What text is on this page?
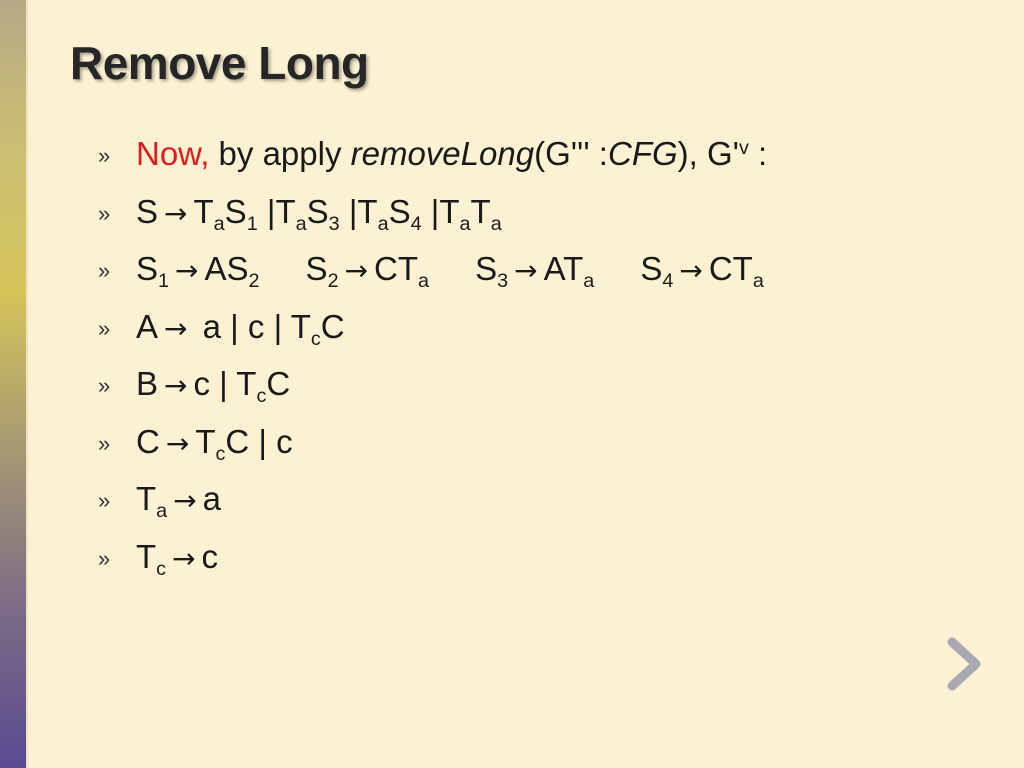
Remove Long
» Now, by apply removeLong(G''' :CFG), $G'^v$ :
» $S \to T_aS_1$ $|T_aS_3$ $|T_aS_4$ $|T_aT_a$
» $S_1 \to AS_2$ $S_2 \to CT_a$ $S_3 \to AT_a$ $S_4 \to CT_a$
» A → a | c | $T_cC$
» B → c | $T_cC$
» $C \to T_cC$ | c
» $T_a \to a$
» $T_c \to c$
